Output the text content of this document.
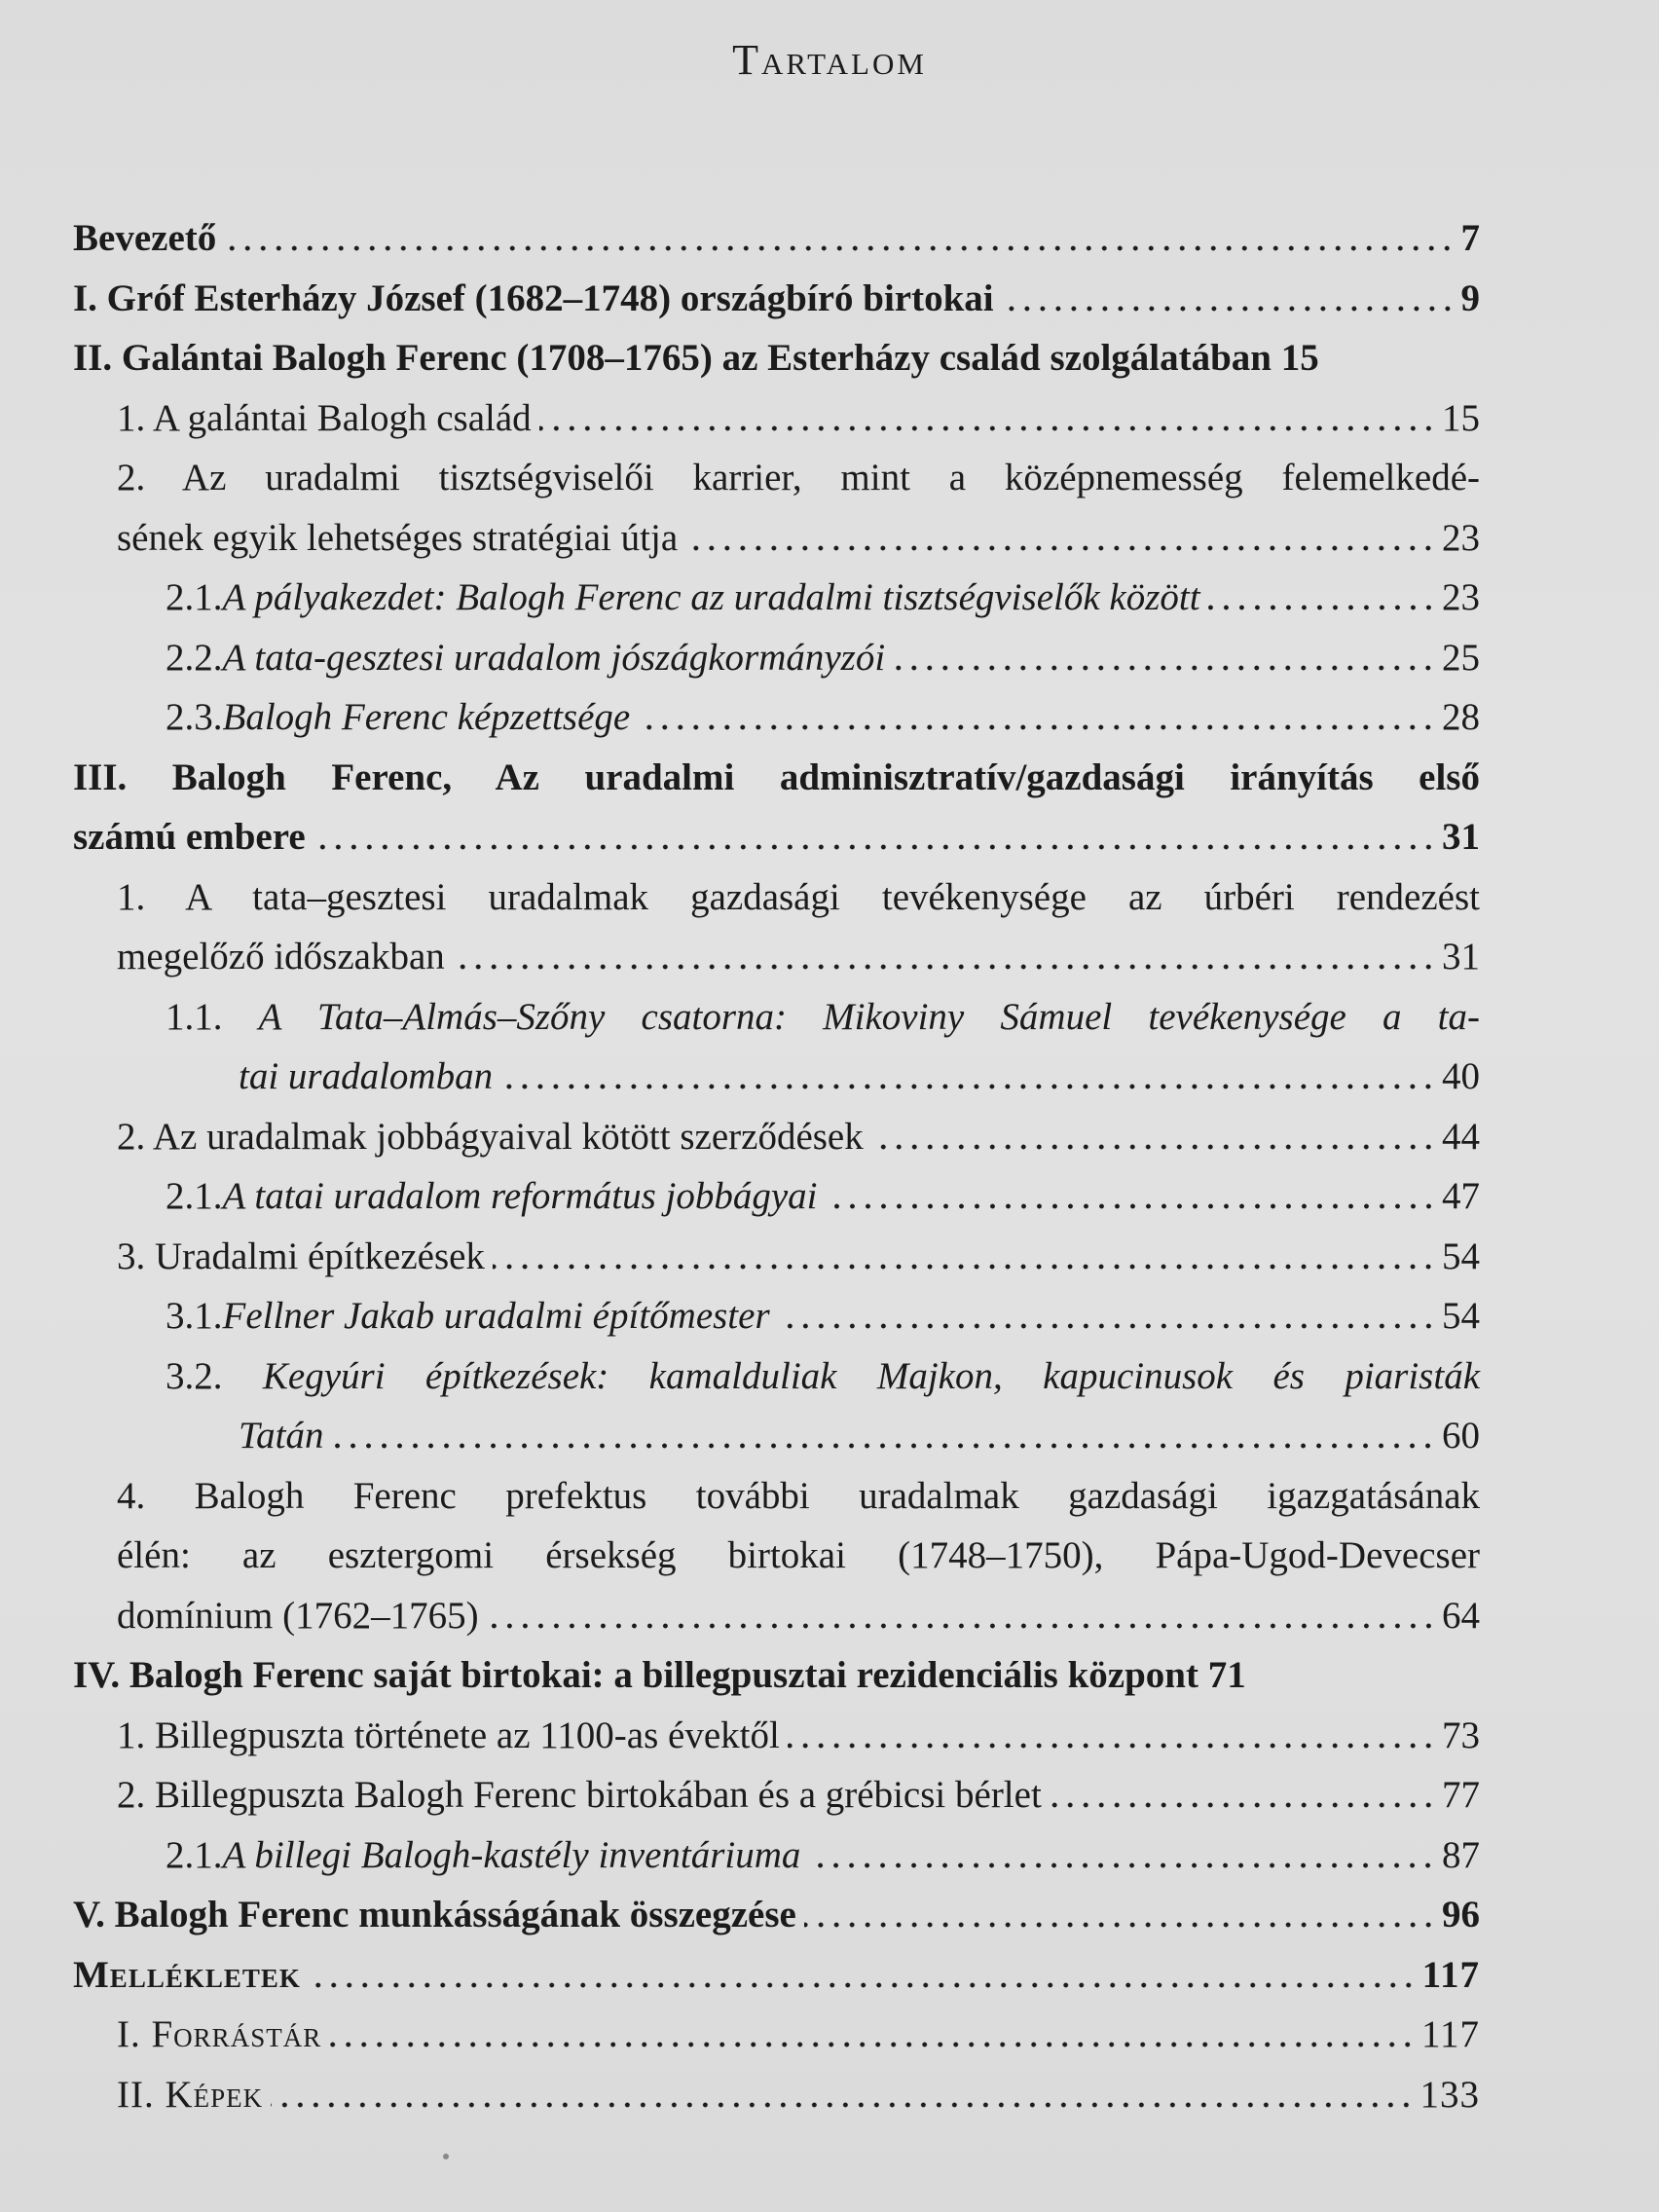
Tartalom
Bevezető	7
I. Gróf Esterházy József (1682–1748) országbíró birtokai	9
II. Galántai Balogh Ferenc (1708–1765) az Esterházy család szolgálatában 15
1. A galántai Balogh család	15
2. Az uradalmi tisztségviselői karrier, mint a középnemesség felemelkedé-
sének egyik lehetséges stratégiai útja	23
2.1.A pályakezdet: Balogh Ferenc az uradalmi tisztségviselők között	23
2.2.A tata-gesztesi uradalom jószágkormányzói	25
2.3.Balogh Ferenc képzettsége	28
III. Balogh Ferenc, Az uradalmi adminisztratív/gazdasági irányítás első
számú embere	31
1. A tata–gesztesi uradalmak gazdasági tevékenysége az úrbéri rendezést
megelőző időszakban	31
1.1. A Tata–Almás–Szőny csatorna: Mikoviny Sámuel tevékenysége a ta-
tai uradalomban	40
2. Az uradalmak jobbágyaival kötött szerződések	44
2.1.A tatai uradalom református jobbágyai	47
3. Uradalmi építkezések	54
3.1.Fellner Jakab uradalmi építőmester	54
3.2. Kegyúri építkezések: kamalduliak Majkon, kapucinusok és piaristák
Tatán	60
4. Balogh Ferenc prefektus további uradalmak gazdasági igazgatásának
élén: az esztergomi érsekség birtokai (1748–1750), Pápa-Ugod-Devecser
domínium (1762–1765)	64
IV. Balogh Ferenc saját birtokai: a billegpusztai rezidenciális központ 71
1. Billegpuszta története az 1100-as évektől	73
2. Billegpuszta Balogh Ferenc birtokában és a grébicsi bérlet	77
2.1.A billegi Balogh-kastély inventáriuma	87
V. Balogh Ferenc munkásságának összegzése	96
Mellékletek	117
I. Forrástár	117
II. Képek	133
